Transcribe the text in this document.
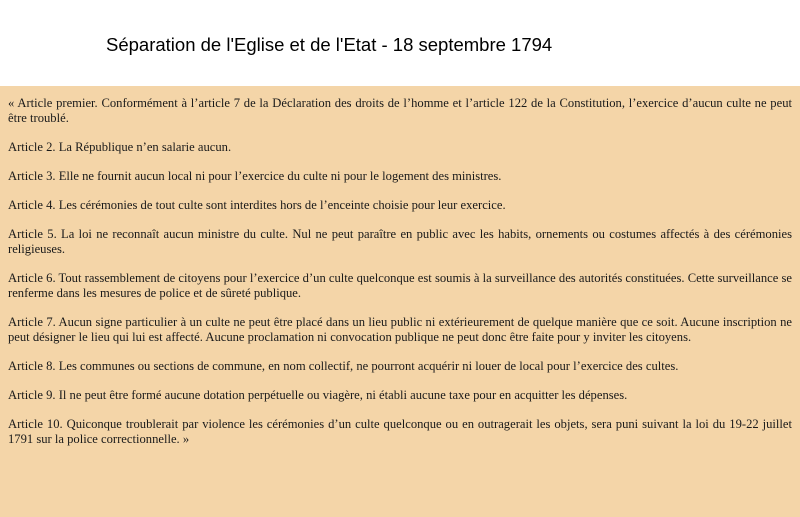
Séparation de l'Eglise et de l'Etat - 18 septembre 1794

« Article premier. Conformément à l’article 7 de la Déclaration des droits de l’homme et l’article 122 de la Constitution, l’exercice d’aucun culte ne peut être troublé.

Article 2. La République n’en salarie aucun.

Article 3. Elle ne fournit aucun local ni pour l’exercice du culte ni pour le logement des ministres.

Article 4. Les cérémonies de tout culte sont interdites hors de l’enceinte choisie pour leur exercice.

Article 5. La loi ne reconnaît aucun ministre du culte. Nul ne peut paraître en public avec les habits, ornements ou costumes affectés à des cérémonies religieuses.

Article 6. Tout rassemblement de citoyens pour l’exercice d’un culte quelconque est soumis à la surveillance des autorités constituées. Cette surveillance se renferme dans les mesures de police et de sûreté publique.

Article 7. Aucun signe particulier à un culte ne peut être placé dans un lieu public ni extérieurement de quelque manière que ce soit. Aucune inscription ne peut désigner le lieu qui lui est affecté. Aucune proclamation ni convocation publique ne peut donc être faite pour y inviter les citoyens.

Article 8. Les communes ou sections de commune, en nom collectif, ne pourront acquérir ni louer de local pour l’exercice des cultes.

Article 9. Il ne peut être formé aucune dotation perpétuelle ou viagère, ni établi aucune taxe pour en acquitter les dépenses.

Article 10. Quiconque troublerait par violence les cérémonies d’un culte quelconque ou en outragerait les objets, sera puni suivant la loi du 19-22 juillet 1791 sur la police correctionnelle. »
